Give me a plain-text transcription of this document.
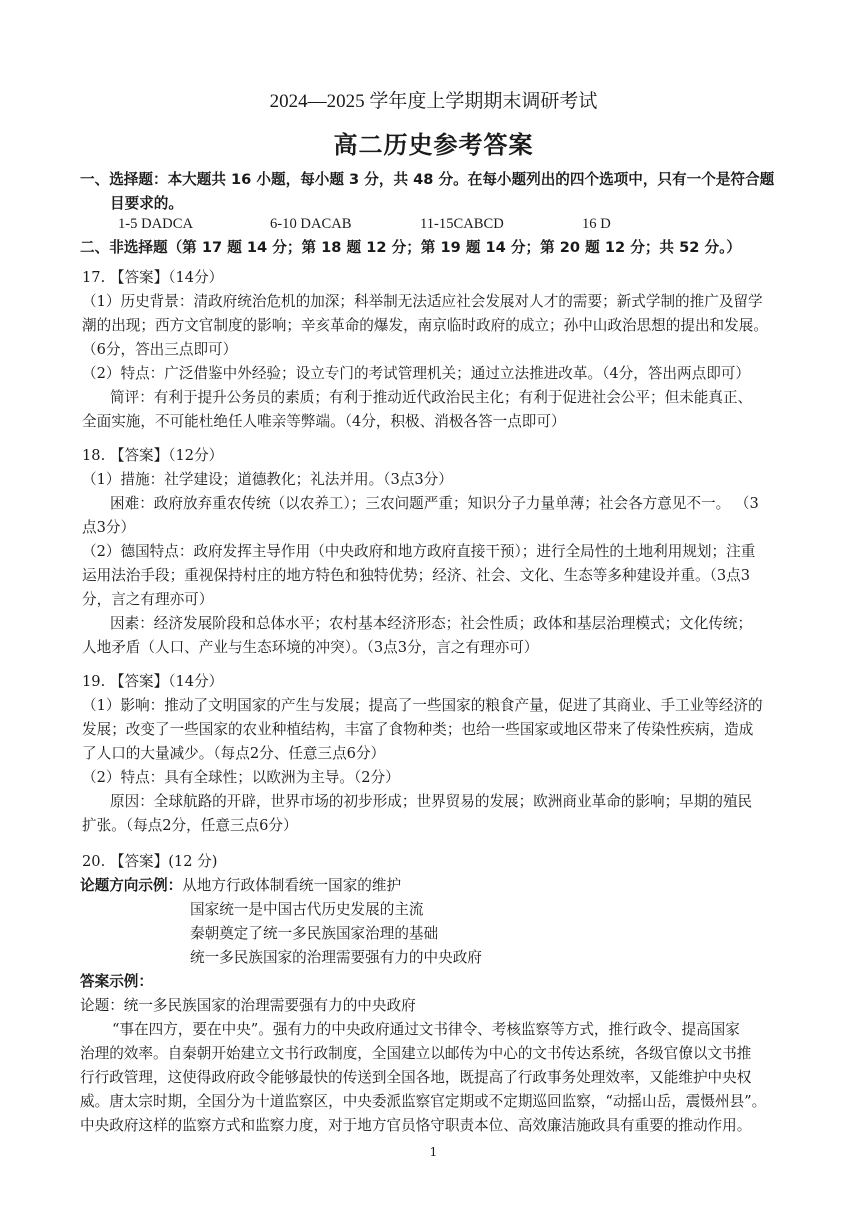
2024—2025 学年度上学期期末调研考试
高二历史参考答案

一、选择题：本大题共 16 小题，每小题 3 分，共 48 分。在每小题列出的四个选项中，只有一个是符合题

目要求的。

1-5 DADCA	6-10 DACAB	11-15CABCD	16 D
二、非选择题（第 17 题 14 分；第 18 题 12 分；第 19 题 14 分；第 20 题 12 分；共 52 分。）

17. 【答案】（14分）

（1）历史背景：清政府统治危机的加深；科举制无法适应社会发展对人才的需要；新式学制的推广及留学

潮的出现；西方文官制度的影响；辛亥革命的爆发，南京临时政府的成立；孙中山政治思想的提出和发展。

（6分，答出三点即可）

（2）特点：广泛借鉴中外经验；设立专门的考试管理机关；通过立法推进改革。（4分，答出两点即可）

简评：有利于提升公务员的素质；有利于推动近代政治民主化；有利于促进社会公平；但未能真正、

全面实施，不可能杜绝任人唯亲等弊端。（4分，积极、消极各答一点即可）

18. 【答案】（12分）

（1）措施：社学建设；道德教化；礼法并用。（3点3分）

困难：政府放弃重农传统（以农养工）；三农问题严重；知识分子力量单薄；社会各方意见不一。 （3

点3分）

（2）德国特点：政府发挥主导作用（中央政府和地方政府直接干预）；进行全局性的土地利用规划；注重

运用法治手段；重视保持村庄的地方特色和独特优势；经济、社会、文化、生态等多种建设并重。（3点3

分，言之有理亦可）

因素：经济发展阶段和总体水平；农村基本经济形态；社会性质；政体和基层治理模式；文化传统；

人地矛盾（人口、产业与生态环境的冲突）。（3点3分，言之有理亦可）

19. 【答案】（14分）

（1）影响：推动了文明国家的产生与发展；提高了一些国家的粮食产量，促进了其商业、手工业等经济的

发展；改变了一些国家的农业种植结构，丰富了食物种类；也给一些国家或地区带来了传染性疾病，造成

了人口的大量减少。（每点2分、任意三点6分）

（2）特点：具有全球性；以欧洲为主导。（2分）

原因：全球航路的开辟，世界市场的初步形成；世界贸易的发展；欧洲商业革命的影响；早期的殖民

扩张。（每点2分，任意三点6分）

20. 【答案】(12 分)

论题方向示例：从地方行政体制看统一国家的维护
国家统一是中国古代历史发展的主流
秦朝奠定了统一多民族国家治理的基础
统一多民族国家的治理需要强有力的中央政府

答案示例：

论题：统一多民族国家的治理需要强有力的中央政府

“事在四方，要在中央”。强有力的中央政府通过文书律令、考核监察等方式，推行政令、提高国家

治理的效率。自秦朝开始建立文书行政制度，全国建立以邮传为中心的文书传达系统，各级官僚以文书推

行行政管理，这使得政府政令能够最快的传送到全国各地，既提高了行政事务处理效率，又能维护中央权

威。唐太宗时期，全国分为十道监察区，中央委派监察官定期或不定期巡回监察，“动摇山岳，震慑州县”。

中央政府这样的监察方式和监察力度，对于地方官员恪守职责本位、高效廉洁施政具有重要的推动作用。

1
